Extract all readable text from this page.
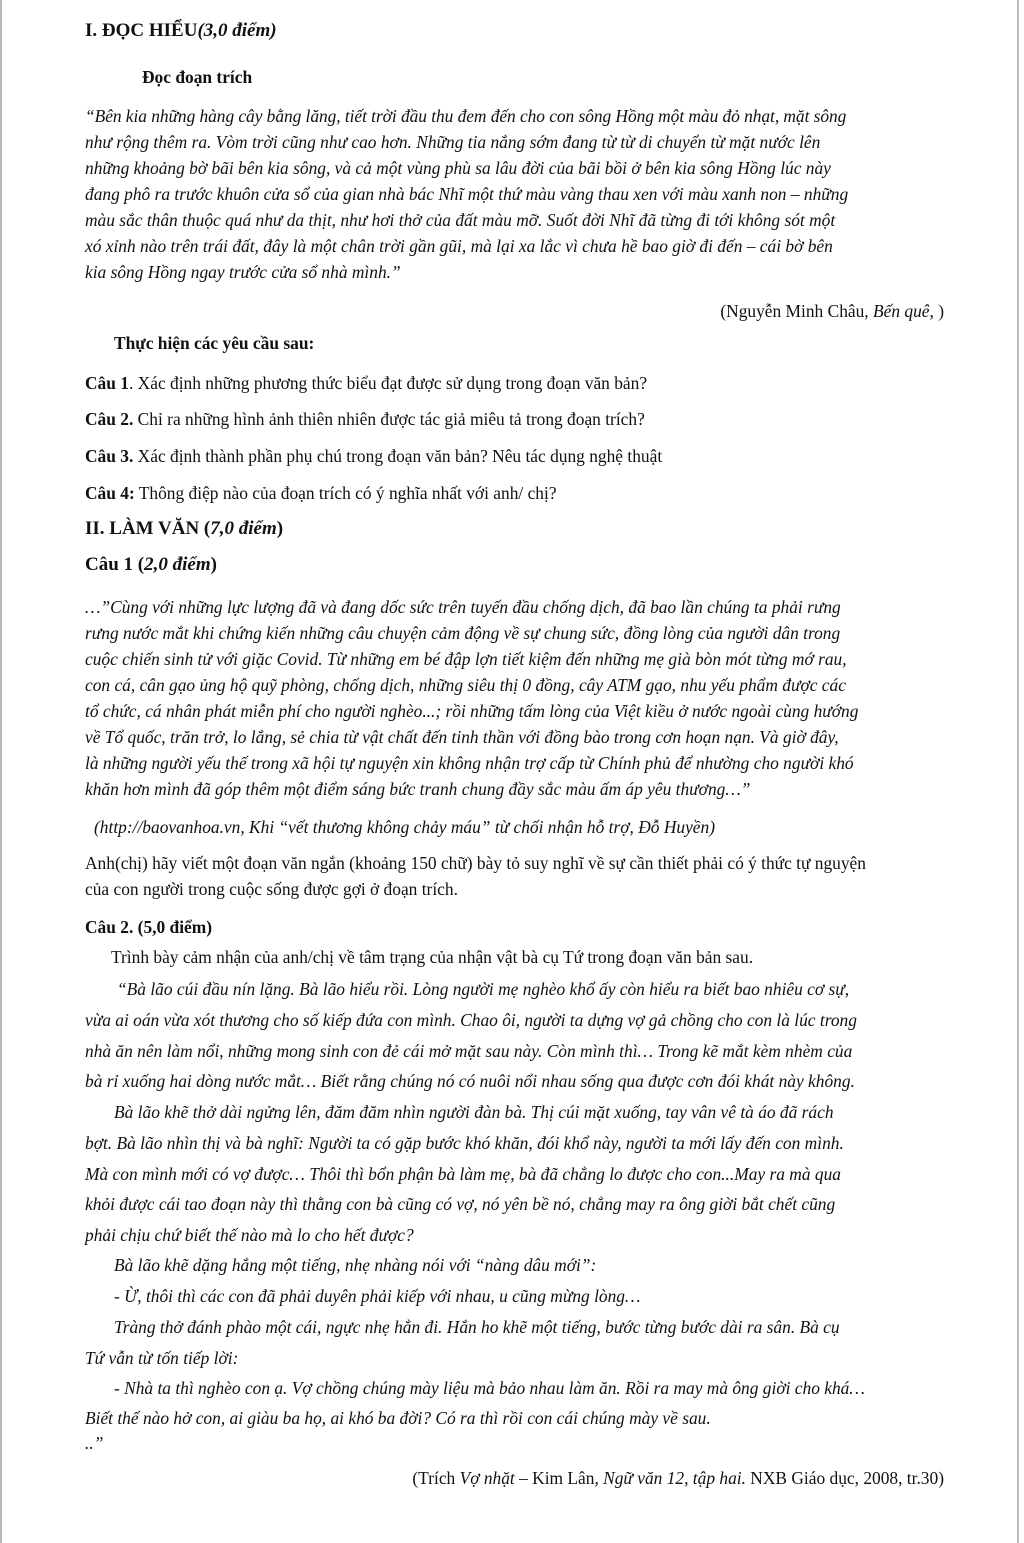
I. ĐỌC HIỂU(3,0 điểm)
Đọc đoạn trích
“Bên kia những hàng cây bằng lăng, tiết trời đầu thu đem đến cho con sông Hồng một màu đỏ nhạt, mặt sông
như rộng thêm ra. Vòm trời cũng như cao hơn. Những tia nắng sớm đang từ từ di chuyển từ mặt nước lên
những khoảng bờ bãi bên kia sông, và cả một vùng phù sa lâu đời của bãi bồi ở bên kia sông Hồng lúc này
đang phô ra trước khuôn cửa sổ của gian nhà bác Nhĩ một thứ màu vàng thau xen với màu xanh non – những
màu sắc thân thuộc quá như da thịt, như hơi thở của đất màu mỡ. Suốt đời Nhĩ đã từng đi tới không sót một
xó xỉnh nào trên trái đất, đây là một chân trời gần gũi, mà lại xa lắc vì chưa hề bao giờ đi đến – cái bờ bên
kia sông Hồng ngay trước cửa sổ nhà mình.”
(Nguyễn Minh Châu, Bến quê, )
Thực hiện các yêu cầu sau:
Câu 1. Xác định những phương thức biểu đạt được sử dụng trong đoạn văn bản?
Câu 2. Chỉ ra những hình ảnh thiên nhiên được tác giả miêu tả trong đoạn trích?
Câu 3. Xác định thành phần phụ chú trong đoạn văn bản? Nêu tác dụng nghệ thuật
Câu 4: Thông điệp nào của đoạn trích có ý nghĩa nhất với anh/ chị?
II. LÀM VĂN (7,0 điểm)
Câu 1 (2,0 điểm)
…”Cùng với những lực lượng đã và đang dốc sức trên tuyến đầu chống dịch, đã bao lần chúng ta phải rưng
rưng nước mắt khi chứng kiến những câu chuyện cảm động về sự chung sức, đồng lòng của người dân trong
cuộc chiến sinh tử với giặc Covid. Từ những em bé đập lợn tiết kiệm đến những mẹ già bòn mót từng mớ rau,
con cá, cân gạo ủng hộ quỹ phòng, chống dịch, những siêu thị 0 đồng, cây ATM gạo, nhu yếu phẩm được các
tổ chức, cá nhân phát miễn phí cho người nghèo...; rồi những tấm lòng của Việt kiều ở nước ngoài cùng hướng
về Tổ quốc, trăn trở, lo lắng, sẻ chia từ vật chất đến tinh thần với đồng bào trong cơn hoạn nạn. Và giờ đây,
là những người yếu thế trong xã hội tự nguyện xin không nhận trợ cấp từ Chính phủ để nhường cho người khó
khăn hơn mình đã góp thêm một điểm sáng bức tranh chung đầy sắc màu ấm áp yêu thương…”
(http://baovanhoa.vn, Khi “vết thương không chảy máu” từ chối nhận hỗ trợ, Đỗ Huyền)
Anh(chị) hãy viết một đoạn văn ngắn (khoảng 150 chữ) bày tỏ suy nghĩ về sự cần thiết phải có ý thức tự nguyện
của con người trong cuộc sống được gợi ở đoạn trích.
Câu 2. (5,0 điểm)
Trình bày cảm nhận của anh/chị về tâm trạng của nhận vật bà cụ Tứ trong đoạn văn bản sau.
“Bà lão cúi đầu nín lặng. Bà lão hiểu rồi. Lòng người mẹ nghèo khổ ấy còn hiểu ra biết bao nhiêu cơ sự,
vừa ai oán vừa xót thương cho số kiếp đứa con mình. Chao ôi, người ta dựng vợ gả chồng cho con là lúc trong
nhà ăn nên làm nổi, những mong sinh con đẻ cái mở mặt sau này. Còn mình thì… Trong kẽ mắt kèm nhèm của
bà rỉ xuống hai dòng nước mắt… Biết rằng chúng nó có nuôi nổi nhau sống qua được cơn đói khát này không.
Bà lão khẽ thở dài ngửng lên, đăm đăm nhìn người đàn bà. Thị cúi mặt xuống, tay vân vê tà áo đã rách
bợt. Bà lão nhìn thị và bà nghĩ: Người ta có gặp bước khó khăn, đói khổ này, người ta mới lấy đến con mình.
Mà con mình mới có vợ được… Thôi thì bổn phận bà làm mẹ, bà đã chẳng lo được cho con...May ra mà qua
khỏi được cái tao đoạn này thì thằng con bà cũng có vợ, nó yên bề nó, chẳng may ra ông giời bắt chết cũng
phải chịu chứ biết thế nào mà lo cho hết được?
Bà lão khẽ dặng hắng một tiếng, nhẹ nhàng nói với “nàng dâu mới”:
- Ừ, thôi thì các con đã phải duyên phải kiếp với nhau, u cũng mừng lòng…
Tràng thở đánh phào một cái, ngực nhẹ hẳn đi. Hắn ho khẽ một tiếng, bước từng bước dài ra sân. Bà cụ
Tứ vẫn từ tốn tiếp lời:
- Nhà ta thì nghèo con ạ. Vợ chồng chúng mày liệu mà bảo nhau làm ăn. Rồi ra may mà ông giời cho khá…
Biết thế nào hở con, ai giàu ba họ, ai khó ba đời? Có ra thì rồi con cái chúng mày về sau.
..”
(Trích Vợ nhặt – Kim Lân, Ngữ văn 12, tập hai. NXB Giáo dục, 2008, tr.30)
